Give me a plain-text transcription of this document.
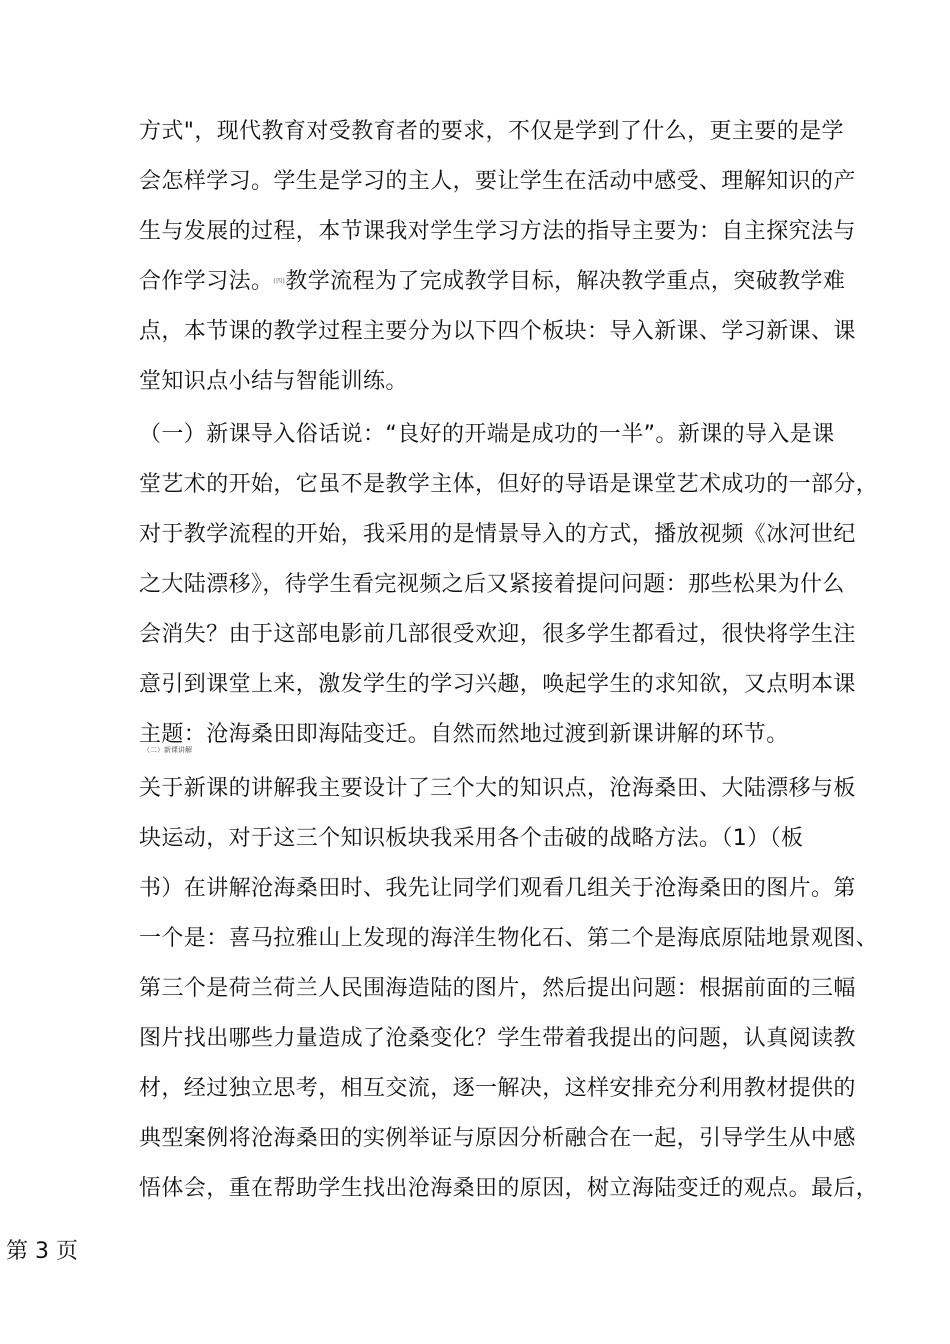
方式"，现代教育对受教育者的要求，不仅是学到了什么，更主要的是学
会怎样学习。学生是学习的主人，要让学生在活动中感受、理解知识的产
生与发展的过程，本节课我对学生学习方法的指导主要为：自主探究法与
合作学习法。(四)教学流程为了完成教学目标，解决教学重点，突破教学难
点，本节课的教学过程主要分为以下四个板块：导入新课、学习新课、课
堂知识点小结与智能训练。
（一）新课导入俗话说：“良好的开端是成功的一半”。新课的导入是课
堂艺术的开始，它虽不是教学主体，但好的导语是课堂艺术成功的一部分，
对于教学流程的开始，我采用的是情景导入的方式，播放视频《冰河世纪
之大陆漂移》，待学生看完视频之后又紧接着提问问题：那些松果为什么
会消失？由于这部电影前几部很受欢迎，很多学生都看过，很快将学生注
意引到课堂上来，激发学生的学习兴趣，唤起学生的求知欲，又点明本课
主题：沧海桑田即海陆变迁。自然而然地过渡到新课讲解的环节。
（二）新课讲解
关于新课的讲解我主要设计了三个大的知识点，沧海桑田、大陆漂移与板
块运动，对于这三个知识板块我采用各个击破的战略方法。（1）（板
书）在讲解沧海桑田时、我先让同学们观看几组关于沧海桑田的图片。第
一个是：喜马拉雅山上发现的海洋生物化石、第二个是海底原陆地景观图、
第三个是荷兰荷兰人民围海造陆的图片，然后提出问题：根据前面的三幅
图片找出哪些力量造成了沧桑变化？学生带着我提出的问题，认真阅读教
材，经过独立思考，相互交流，逐一解决，这样安排充分利用教材提供的
典型案例将沧海桑田的实例举证与原因分析融合在一起，引导学生从中感
悟体会，重在帮助学生找出沧海桑田的原因，树立海陆变迁的观点。最后，
第 3 页
